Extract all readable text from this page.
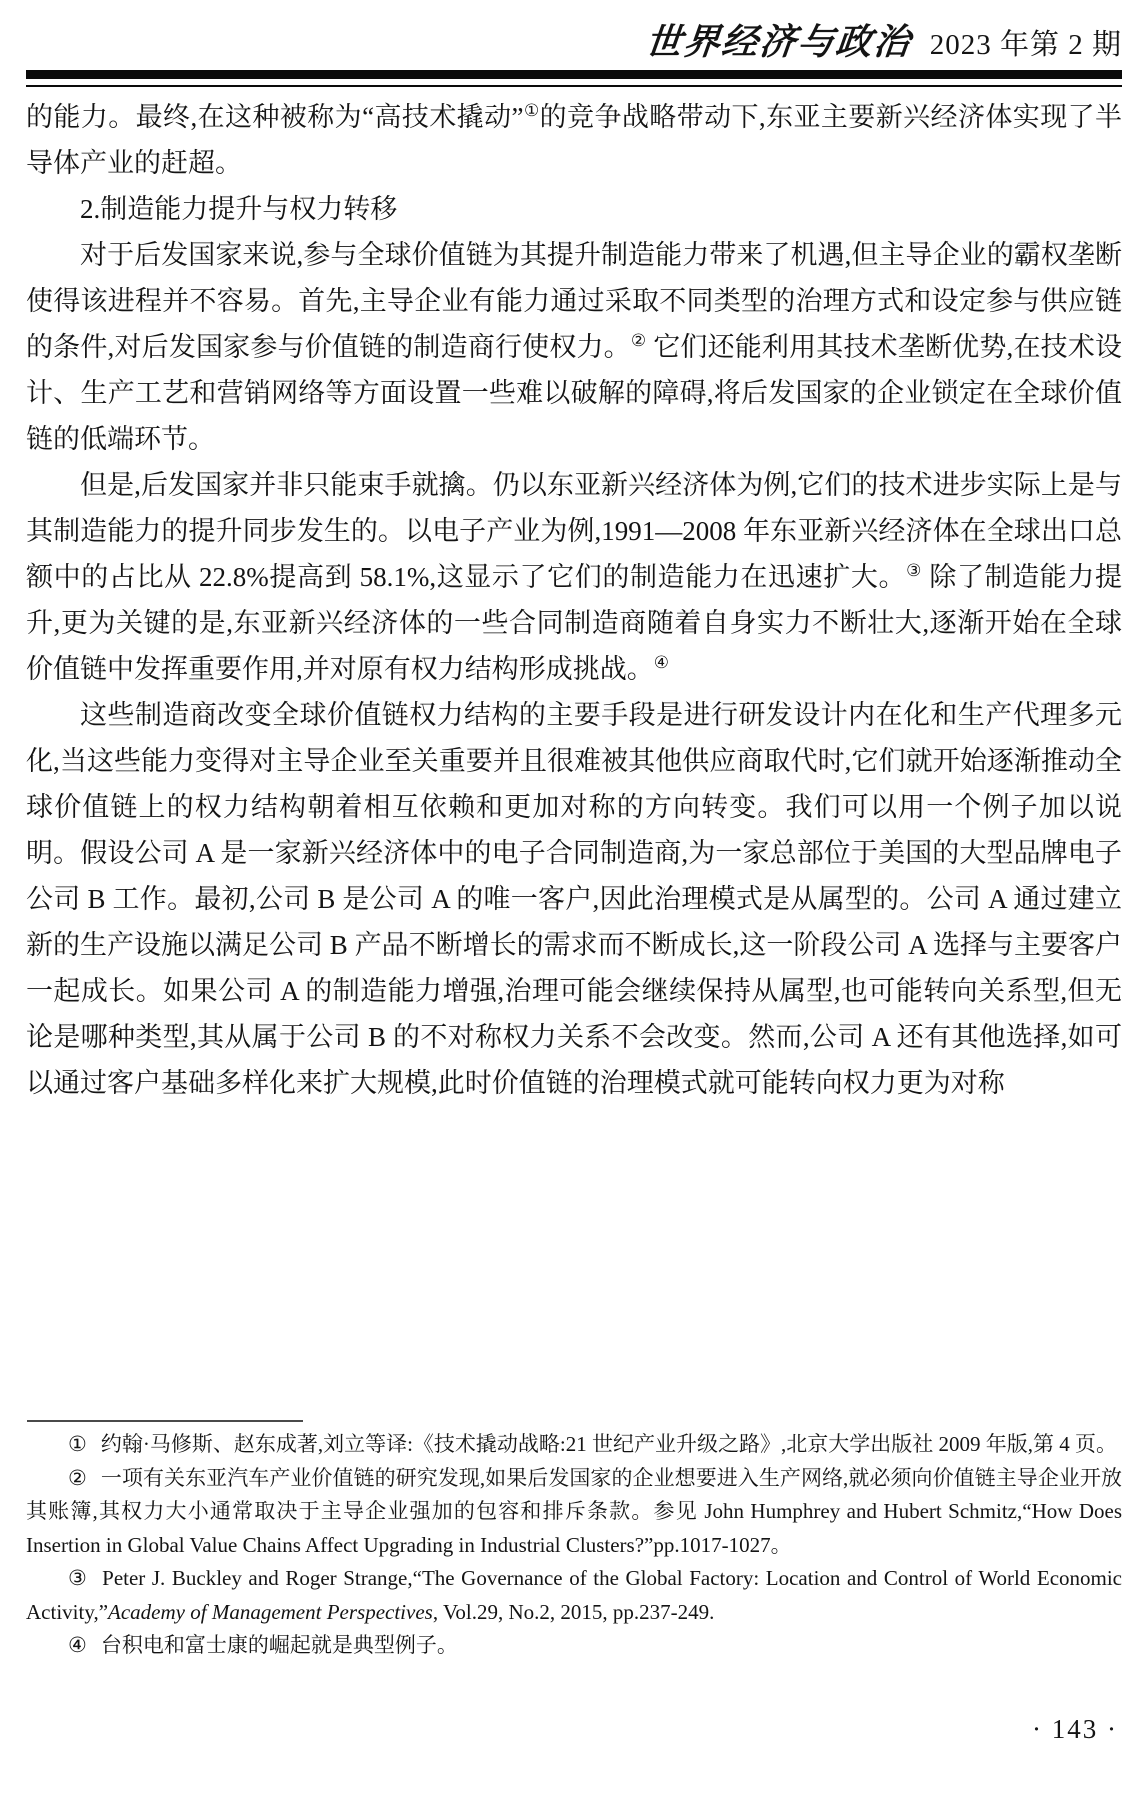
世界经济与政治 2023 年第 2 期

的能力。最终,在这种被称为“高技术撬动”①的竞争战略带动下,东亚主要新兴经济体实现了半导体产业的赶超。

2.制造能力提升与权力转移

对于后发国家来说,参与全球价值链为其提升制造能力带来了机遇,但主导企业的霸权垄断使得该进程并不容易。首先,主导企业有能力通过采取不同类型的治理方式和设定参与供应链的条件,对后发国家参与价值链的制造商行使权力。② 它们还能利用其技术垄断优势,在技术设计、生产工艺和营销网络等方面设置一些难以破解的障碍,将后发国家的企业锁定在全球价值链的低端环节。

但是,后发国家并非只能束手就擒。仍以东亚新兴经济体为例,它们的技术进步实际上是与其制造能力的提升同步发生的。以电子产业为例,1991—2008 年东亚新兴经济体在全球出口总额中的占比从 22.8%提高到 58.1%,这显示了它们的制造能力在迅速扩大。③ 除了制造能力提升,更为关键的是,东亚新兴经济体的一些合同制造商随着自身实力不断壮大,逐渐开始在全球价值链中发挥重要作用,并对原有权力结构形成挑战。④

这些制造商改变全球价值链权力结构的主要手段是进行研发设计内在化和生产代理多元化,当这些能力变得对主导企业至关重要并且很难被其他供应商取代时,它们就开始逐渐推动全球价值链上的权力结构朝着相互依赖和更加对称的方向转变。我们可以用一个例子加以说明。假设公司 A 是一家新兴经济体中的电子合同制造商,为一家总部位于美国的大型品牌电子公司 B 工作。最初,公司 B 是公司 A 的唯一客户,因此治理模式是从属型的。公司 A 通过建立新的生产设施以满足公司 B 产品不断增长的需求而不断成长,这一阶段公司 A 选择与主要客户一起成长。如果公司 A 的制造能力增强,治理可能会继续保持从属型,也可能转向关系型,但无论是哪种类型,其从属于公司 B 的不对称权力关系不会改变。然而,公司 A 还有其他选择,如可以通过客户基础多样化来扩大规模,此时价值链的治理模式就可能转向权力更为对称

① 约翰·马修斯、赵东成著,刘立等译:《技术撬动战略:21 世纪产业升级之路》,北京大学出版社 2009 年版,第 4 页。

② 一项有关东亚汽车产业价值链的研究发现,如果后发国家的企业想要进入生产网络,就必须向价值链主导企业开放其账簿,其权力大小通常取决于主导企业强加的包容和排斥条款。参见 John Humphrey and Hubert Schmitz,“How Does Insertion in Global Value Chains Affect Upgrading in Industrial Clusters?”pp.1017-1027。

③ Peter J. Buckley and Roger Strange,“The Governance of the Global Factory: Location and Control of World Economic Activity,”Academy of Management Perspectives, Vol.29, No.2, 2015, pp.237-249.

④ 台积电和富士康的崛起就是典型例子。

· 143 ·
